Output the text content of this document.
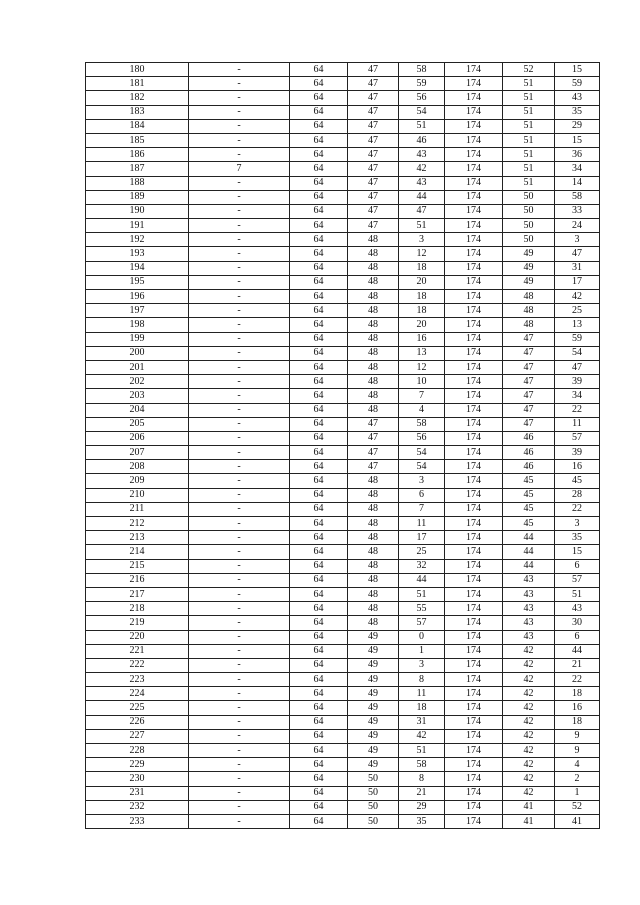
180	-	64	47	58	174	52	15
181	-	64	47	59	174	51	59
182	-	64	47	56	174	51	43
183	-	64	47	54	174	51	35
184	-	64	47	51	174	51	29
185	-	64	47	46	174	51	15
186	-	64	47	43	174	51	36
187	7	64	47	42	174	51	34
188	-	64	47	43	174	51	14
189	-	64	47	44	174	50	58
190	-	64	47	47	174	50	33
191	-	64	47	51	174	50	24
192	-	64	48	3	174	50	3
193	-	64	48	12	174	49	47
194	-	64	48	18	174	49	31
195	-	64	48	20	174	49	17
196	-	64	48	18	174	48	42
197	-	64	48	18	174	48	25
198	-	64	48	20	174	48	13
199	-	64	48	16	174	47	59
200	-	64	48	13	174	47	54
201	-	64	48	12	174	47	47
202	-	64	48	10	174	47	39
203	-	64	48	7	174	47	34
204	-	64	48	4	174	47	22
205	-	64	47	58	174	47	11
206	-	64	47	56	174	46	57
207	-	64	47	54	174	46	39
208	-	64	47	54	174	46	16
209	-	64	48	3	174	45	45
210	-	64	48	6	174	45	28
211	-	64	48	7	174	45	22
212	-	64	48	11	174	45	3
213	-	64	48	17	174	44	35
214	-	64	48	25	174	44	15
215	-	64	48	32	174	44	6
216	-	64	48	44	174	43	57
217	-	64	48	51	174	43	51
218	-	64	48	55	174	43	43
219	-	64	48	57	174	43	30
220	-	64	49	0	174	43	6
221	-	64	49	1	174	42	44
222	-	64	49	3	174	42	21
223	-	64	49	8	174	42	22
224	-	64	49	11	174	42	18
225	-	64	49	18	174	42	16
226	-	64	49	31	174	42	18
227	-	64	49	42	174	42	9
228	-	64	49	51	174	42	9
229	-	64	49	58	174	42	4
230	-	64	50	8	174	42	2
231	-	64	50	21	174	42	1
232	-	64	50	29	174	41	52
233	-	64	50	35	174	41	41
